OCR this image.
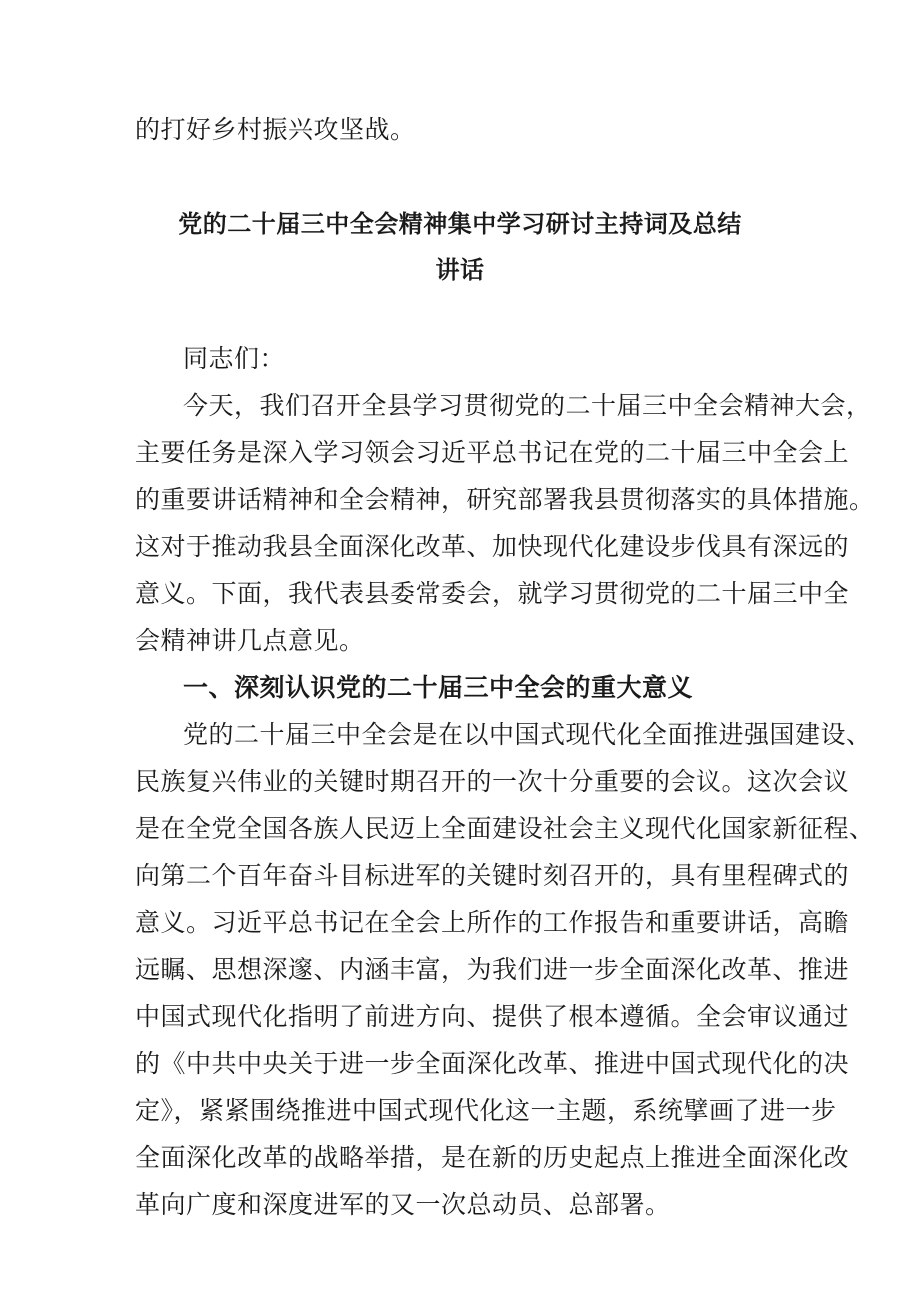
的打好乡村振兴攻坚战。
党的二十届三中全会精神集中学习研讨主持词及总结
讲话
同志们：
今天，我们召开全县学习贯彻党的二十届三中全会精神大会，
主要任务是深入学习领会习近平总书记在党的二十届三中全会上
的重要讲话精神和全会精神，研究部署我县贯彻落实的具体措施。
这对于推动我县全面深化改革、加快现代化建设步伐具有深远的
意义。下面，我代表县委常委会，就学习贯彻党的二十届三中全
会精神讲几点意见。
一、深刻认识党的二十届三中全会的重大意义
党的二十届三中全会是在以中国式现代化全面推进强国建设、
民族复兴伟业的关键时期召开的一次十分重要的会议。这次会议
是在全党全国各族人民迈上全面建设社会主义现代化国家新征程、
向第二个百年奋斗目标进军的关键时刻召开的，具有里程碑式的
意义。习近平总书记在全会上所作的工作报告和重要讲话，高瞻
远瞩、思想深邃、内涵丰富，为我们进一步全面深化改革、推进
中国式现代化指明了前进方向、提供了根本遵循。全会审议通过
的《中共中央关于进一步全面深化改革、推进中国式现代化的决
定》，紧紧围绕推进中国式现代化这一主题，系统擘画了进一步
全面深化改革的战略举措，是在新的历史起点上推进全面深化改
革向广度和深度进军的又一次总动员、总部署。
